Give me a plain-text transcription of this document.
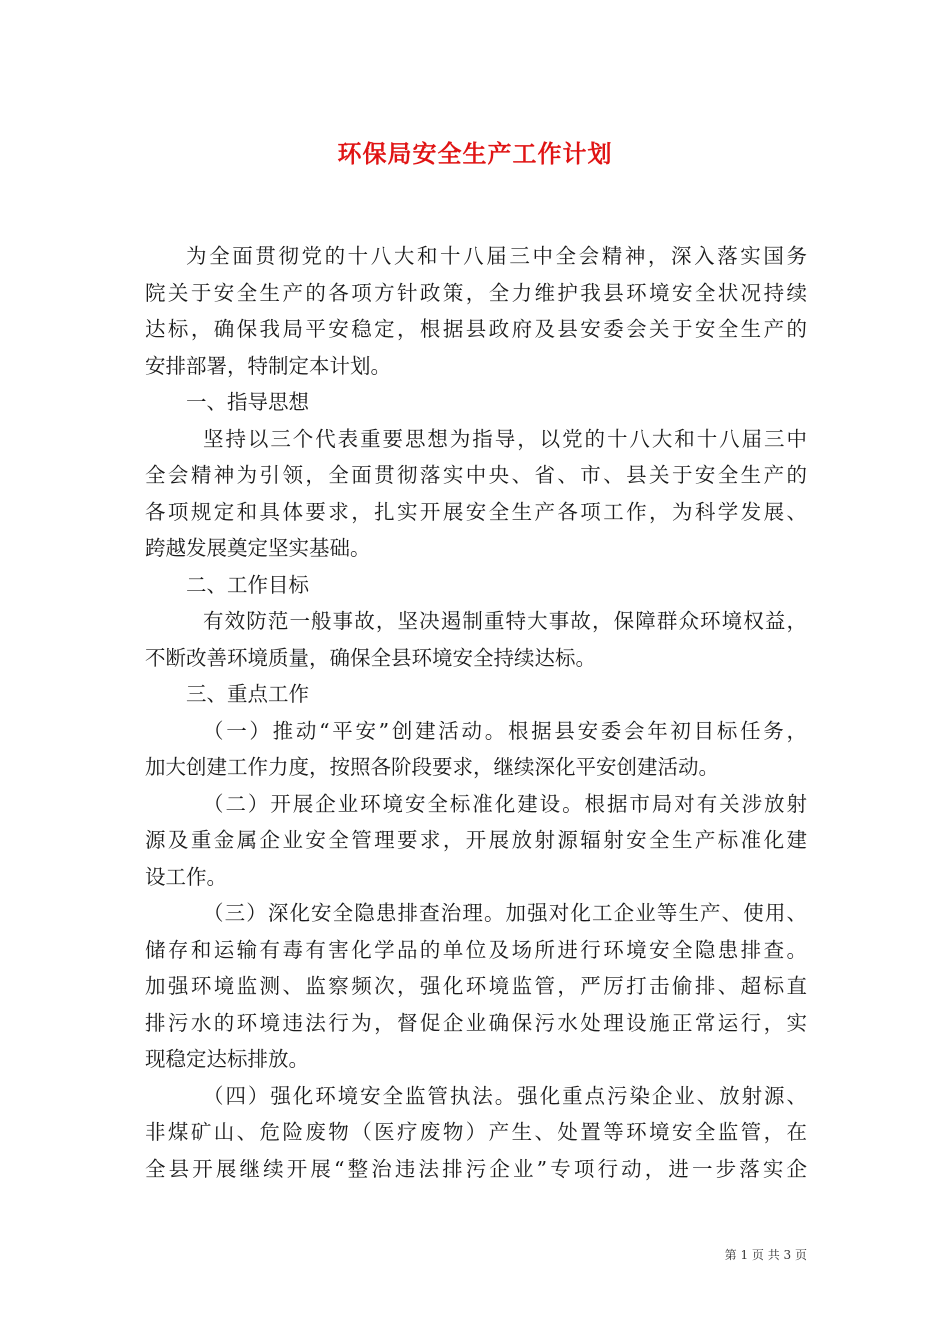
环保局安全生产工作计划
为全面贯彻党的十八大和十八届三中全会精神，深入落实国务
院关于安全生产的各项方针政策，全力维护我县环境安全状况持续
达标，确保我局平安稳定，根据县政府及县安委会关于安全生产的
安排部署，特制定本计划。
一、指导思想
坚持以三个代表重要思想为指导，以党的十八大和十八届三中
全会精神为引领，全面贯彻落实中央、省、市、县关于安全生产的
各项规定和具体要求，扎实开展安全生产各项工作，为科学发展、
跨越发展奠定坚实基础。
二、工作目标
有效防范一般事故，坚决遏制重特大事故，保障群众环境权益，
不断改善环境质量，确保全县环境安全持续达标。
三、重点工作
（一）推动“平安”创建活动。根据县安委会年初目标任务，
加大创建工作力度，按照各阶段要求，继续深化平安创建活动。
（二）开展企业环境安全标准化建设。根据市局对有关涉放射
源及重金属企业安全管理要求，开展放射源辐射安全生产标准化建
设工作。
（三）深化安全隐患排查治理。加强对化工企业等生产、使用、
储存和运输有毒有害化学品的单位及场所进行环境安全隐患排查。
加强环境监测、监察频次，强化环境监管，严厉打击偷排、超标直
排污水的环境违法行为，督促企业确保污水处理设施正常运行，实
现稳定达标排放。
（四）强化环境安全监管执法。强化重点污染企业、放射源、
非煤矿山、危险废物（医疗废物）产生、处置等环境安全监管，在
全县开展继续开展“整治违法排污企业”专项行动，进一步落实企
第 1 页 共 3 页
